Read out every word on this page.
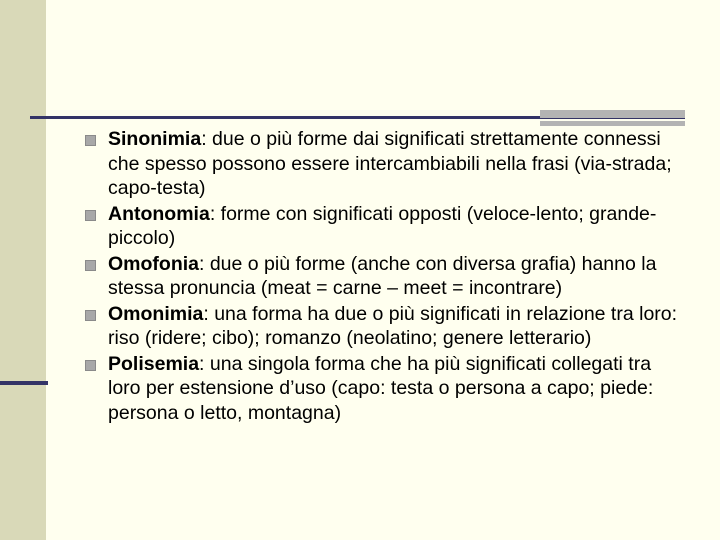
Sinonimia: due o più forme dai significati strettamente connessi che spesso possono essere intercambiabili nella frasi (via-strada; capo-testa)
Antonomia: forme con significati opposti (veloce-lento; grande-piccolo)
Omofonia: due o più forme (anche con diversa grafia) hanno la stessa pronuncia (meat = carne – meet = incontrare)
Omonimia: una forma ha due o più significati in relazione tra loro: riso (ridere; cibo); romanzo (neolatino; genere letterario)
Polisemia: una singola forma che ha più significati collegati tra loro per estensione d’uso (capo: testa o persona a capo; piede: persona o letto, montagna)
